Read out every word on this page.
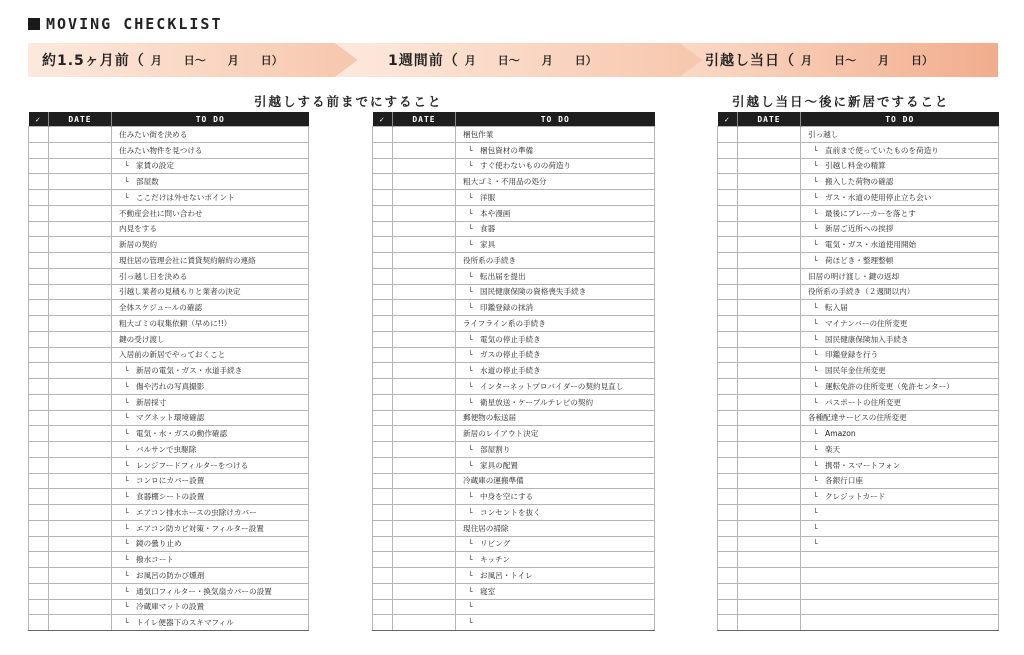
MOVING CHECKLIST
約1.5ヶ月前（ 月　　日～　　月　　日）	1週間前（ 月　　日～　　月　　日）	引越し当日（ 月　　日～　　月　　日）
引越しする前までにすること	引越し当日〜後に新居ですること
✓	DATE	TO DO
		住みたい街を決める
		住みたい物件を見つける
		└ 家賃の設定
		└ 部屋数
		└ ここだけは外せないポイント
		不動産会社に問い合わせ
		内見をする
		新居の契約
		現住居の管理会社に賃貸契約解約の連絡
		引っ越し日を決める
		引越し業者の見積もりと業者の決定
		全体スケジュールの確認
		粗大ゴミの収集依頼（早めに!!）
		鍵の受け渡し
		入居前の新居でやっておくこと
		└ 新居の電気・ガス・水道手続き
		└ 傷や汚れの写真撮影
		└ 新居採寸
		└ マグネット環境確認
		└ 電気・水・ガスの動作確認
		└ バルサンで虫駆除
		└ レンジフードフィルターをつける
		└ コンロにカバー設置
		└ 食器棚シートの設置
		└ エアコン排水ホースの虫除けカバー
		└ エアコン防カビ対策・フィルター設置
		└ 鏡の曇り止め
		└ 撥水コート
		└ お風呂の防かび燻剤
		└ 通気口フィルター・換気扇カバーの設置
		└ 冷蔵庫マットの設置
		└ トイレ便器下のスキマフィル
✓	DATE	TO DO
		梱包作業
		└ 梱包資材の準備
		└ すぐ使わないものの荷造り
		粗大ゴミ・不用品の処分
		└ 洋服
		└ 本や漫画
		└ 食器
		└ 家具
		役所系の手続き
		└ 転出届を提出
		└ 国民健康保険の資格喪失手続き
		└ 印鑑登録の抹消
		ライフライン系の手続き
		└ 電気の停止手続き
		└ ガスの停止手続き
		└ 水道の停止手続き
		└ インターネットプロバイダーの契約見直し
		└ 衛星放送・ケーブルテレビの契約
		郵便物の転送届
		新居のレイアウト決定
		└ 部屋割り
		└ 家具の配置
		冷蔵庫の運搬準備
		└ 中身を空にする
		└ コンセントを抜く
		現住居の掃除
		└ リビング
		└ キッチン
		└ お風呂・トイレ
		└ 寝室
		└
		└
✓	DATE	TO DO
		引っ越し
		└ 直前まで使っていたものを荷造り
		└ 引越し料金の精算
		└ 搬入した荷物の確認
		└ ガス・水道の使用停止立ち会い
		└ 最後にブレーカーを落とす
		└ 新居ご近所への挨拶
		└ 電気・ガス・水道使用開始
		└ 荷ほどき・整理整頓
		旧居の明け渡し・鍵の返却
		役所系の手続き（２週間以内）
		└ 転入届
		└ マイナンバーの住所変更
		└ 国民健康保険加入手続き
		└ 印鑑登録を行う
		└ 国民年金住所変更
		└ 運転免許の住所変更（免許センター）
		└ パスポートの住所変更
		各種配達サービスの住所変更
		└ Amazon
		└ 楽天
		└ 携帯・スマートフォン
		└ 各銀行口座
		└ クレジットカード
		└
		└
		└
